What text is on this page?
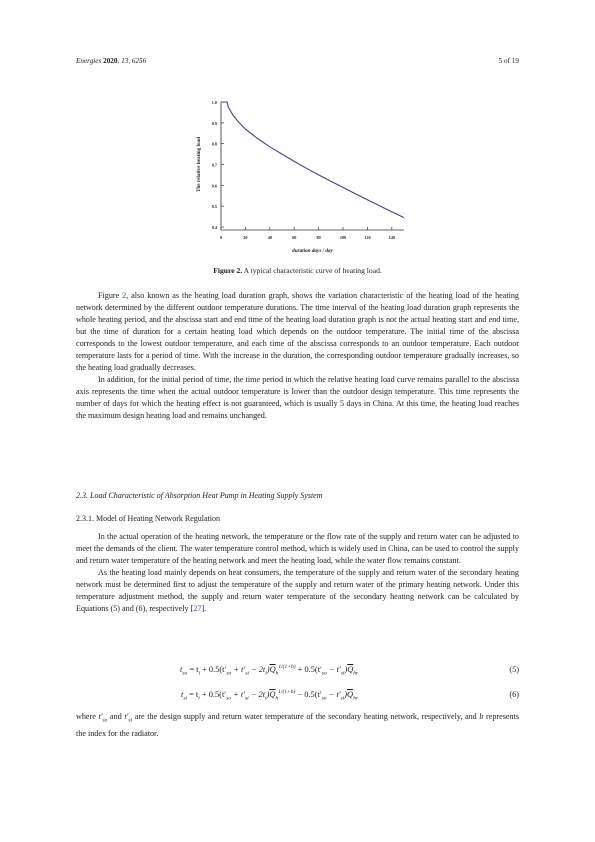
Energies 2020, 13, 6256	5 of 19
0.4
0.5
0.6
0.7
0.8
0.9
1.0
0	20	40	60	80	100	120	140
duration days / day
The relative heating load
Figure 2. A typical characteristic curve of heating load.

Figure 2, also known as the heating load duration graph, shows the variation characteristic of the heating load of the heating network determined by the different outdoor temperature durations. The time interval of the heating load duration graph represents the whole heating period, and the abscissa start and end time of the heating load duration graph is not the actual heating start and end time, but the time of duration for a certain heating load which depends on the outdoor temperature. The initial time of the abscissa corresponds to the lowest outdoor temperature, and each time of the abscissa corresponds to an outdoor temperature. Each outdoor temperature lasts for a period of time. With the increase in the duration, the corresponding outdoor temperature gradually increases, so the heating load gradually decreases.

In addition, for the initial period of time, the time period in which the relative heating load curve remains parallel to the abscissa axis represents the time when the actual outdoor temperature is lower than the outdoor design temperature. This time represents the number of days for which the heating effect is not guaranteed, which is usually 5 days in China. At this time, the heating load reaches the maximum design heating load and remains unchanged.

2.3. Load Characteristic of Absorption Heat Pump in Heating Supply System
2.3.1. Model of Heating Network Regulation

In the actual operation of the heating network, the temperature or the flow rate of the supply and return water can be adjusted to meet the demands of the client. The water temperature control method, which is widely used in China, can be used to control the supply and return water temperature of the heating network and meet the heating load, while the water flow remains constant.

As the heating load mainly depends on heat consumers, the temperature of the supply and return water of the secondary heating network must be determined first to adjust the temperature of the supply and return water of the primary heating network. Under this temperature adjustment method, the supply and return water temperature of the secondary heating network can be calculated by Equations (5) and (6), respectively [27].

$t_{so} = t_i + 0.5(t'_{so} + t'_{si} - 2t_i)\overline{Q}_h^{1/(1+b)} + 0.5(t'_{so} - t'_{si})\overline{Q}_{hr}$	(5)
$t_{si} = t_i + 0.5(t'_{so} + t'_{si} - 2t_i)\overline{Q}_h^{1/(1+b)} - 0.5(t'_{so} - t'_{si})\overline{Q}_{hr}$	(6)
where $t'_{so}$ and $t'_{si}$ are the design supply and return water temperature of the secondary heating network, respectively, and b represents the index for the radiator.
